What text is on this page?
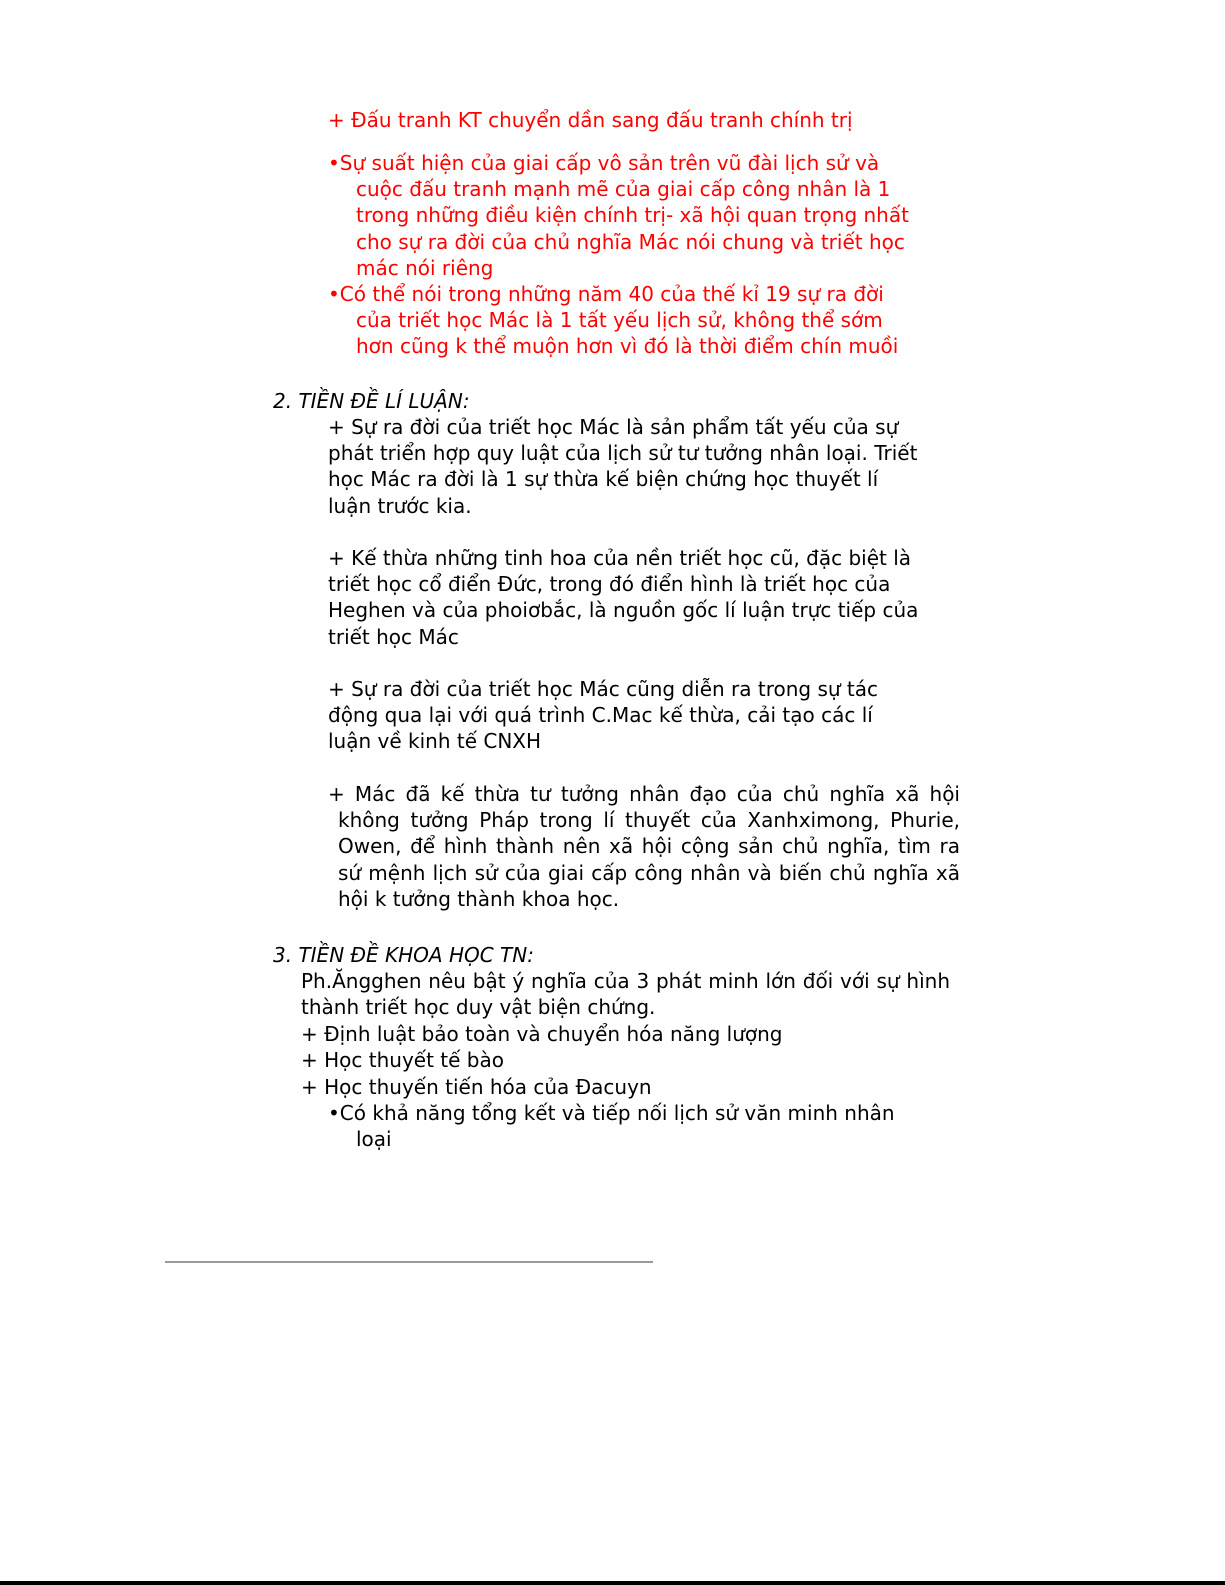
+ Đấu tranh KT chuyển dần sang đấu tranh chính trị
•Sự suất hiện của giai cấp vô sản trên vũ đài lịch sử và
cuộc đấu tranh mạnh mẽ của giai cấp công nhân là 1
trong những điều kiện chính trị- xã hội quan trọng nhất
cho sự ra đời của chủ nghĩa Mác nói chung và triết học
mác nói riêng
•Có thể nói trong những năm 40 của thế kỉ 19 sự ra đời
của triết học Mác là 1 tất yếu lịch sử, không thể sớm
hơn cũng k thể muộn hơn vì đó là thời điểm chín muồi
2. TIỀN ĐỀ LÍ LUẬN:
+ Sự ra đời của triết học Mác là sản phẩm tất yếu của sự
phát triển hợp quy luật của lịch sử tư tưởng nhân loại. Triết
học Mác ra đời là 1 sự thừa kế biện chứng học thuyết lí
luận trước kia.
+ Kế thừa những tinh hoa của nền triết học cũ, đặc biệt là
triết học cổ điển Đức, trong đó điển hình là triết học của
Heghen và của phoiơbắc, là nguồn gốc lí luận trực tiếp của
triết học Mác
+ Sự ra đời của triết học Mác cũng diễn ra trong sự tác
động qua lại với quá trình C.Mac kế thừa, cải tạo các lí
luận về kinh tế CNXH
+ Mác đã kế thừa tư tưởng nhân đạo của chủ nghĩa xã hội không tưởng Pháp trong lí thuyết của Xanhximong, Phurie, Owen, để hình thành nên xã hội cộng sản chủ nghĩa, tìm ra sứ mệnh lịch sử của giai cấp công nhân và biến chủ nghĩa xã hội k tưởng thành khoa học.
3. TIỀN ĐỀ KHOA HỌC TN:
Ph.Ăngghen nêu bật ý nghĩa của 3 phát minh lớn đối với sự hình thành triết học duy vật biện chứng.
+ Định luật bảo toàn và chuyển hóa năng lượng
+ Học thuyết tế bào
+ Học thuyến tiến hóa của Đacuyn
•Có khả năng tổng kết và tiếp nối lịch sử văn minh nhân
loại
